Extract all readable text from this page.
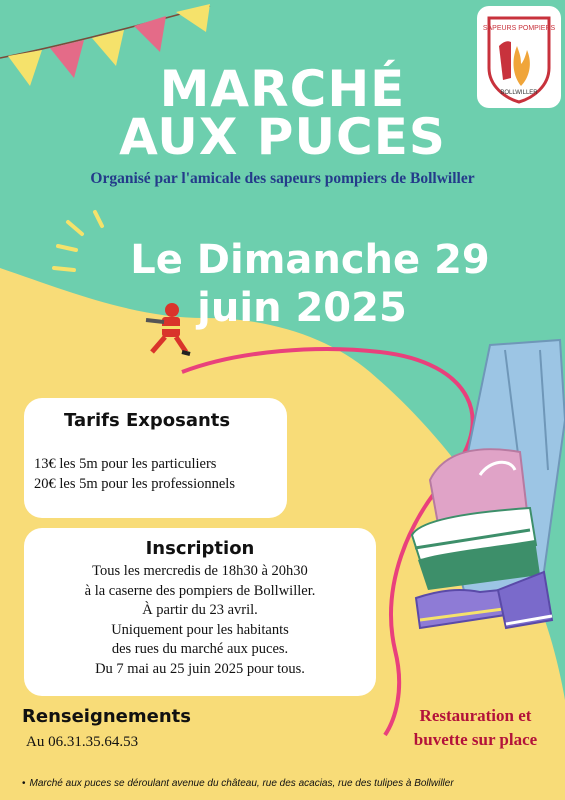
SAPEURS POMPIERS
BOLLWILLER
MARCHÉ
AUX PUCES
Organisé par l'amicale des sapeurs pompiers de Bollwiller
Le Dimanche 29
juin 2025
Tarifs Exposants
13€ les 5m pour les particuliers
20€ les 5m pour les professionnels
Inscription
Tous les mercredis de 18h30 à 20h30
à la caserne des pompiers de Bollwiller.
À partir du 23 avril.
Uniquement pour les habitants
des rues du marché aux puces.
Du 7 mai au 25 juin 2025 pour tous.
Renseignements
Au 06.31.35.64.53
Restauration et
buvette sur place
• Marché aux puces se déroulant avenue du château, rue des acacias, rue des tulipes à Bollwiller
